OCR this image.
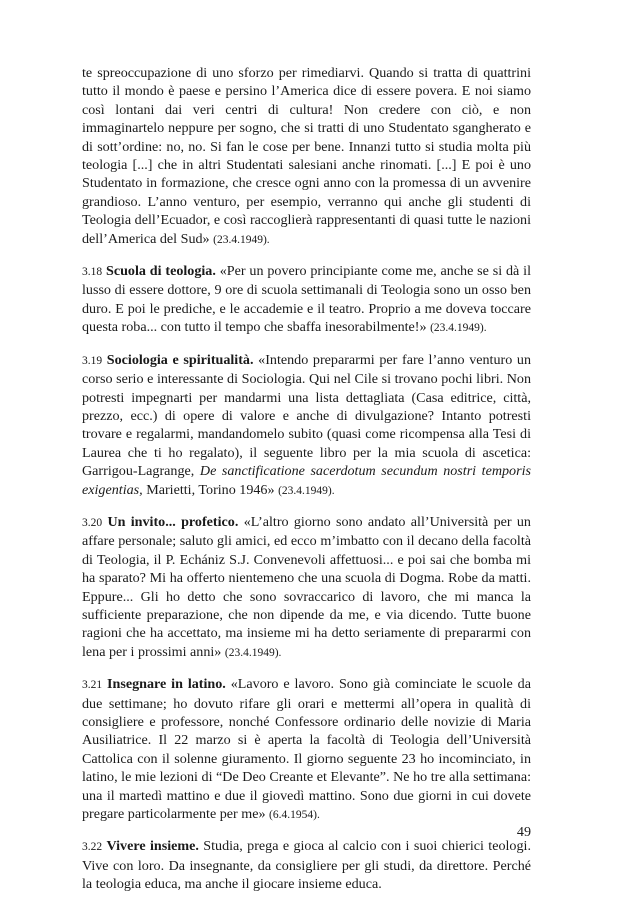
te spreoccupazione di uno sforzo per rimediarvi. Quando si tratta di quattrini tutto il mondo è paese e persino l’America dice di essere povera. E noi siamo così lontani dai veri centri di cultura! Non credere con ciò, e non immaginartelo neppure per sogno, che si tratti di uno Studentato sgangherato e di sott’ordine: no, no. Si fan le cose per bene. Innanzi tutto si studia molta più teologia [...] che in altri Studentati salesiani anche rinomati. [...] E poi è uno Studentato in formazione, che cresce ogni anno con la promessa di un avvenire grandioso. L’anno venturo, per esempio, verranno qui anche gli studenti di Teologia dell’Ecuador, e così raccoglierà rappresentanti di quasi tutte le nazioni dell’America del Sud» (23.4.1949).

3.18 Scuola di teologia. «Per un povero principiante come me, anche se si dà il lusso di essere dottore, 9 ore di scuola settimanali di Teologia sono un osso ben duro. E poi le prediche, e le accademie e il teatro. Proprio a me doveva toccare questa roba... con tutto il tempo che sbaffa inesorabilmente!» (23.4.1949).

3.19 Sociologia e spiritualità. «Intendo prepararmi per fare l’anno venturo un corso serio e interessante di Sociologia. Qui nel Cile si trovano pochi libri. Non potresti impegnarti per mandarmi una lista dettagliata (Casa editrice, città, prezzo, ecc.) di opere di valore e anche di divulgazione? Intanto potresti trovare e regalarmi, mandandomelo subito (quasi come ricompensa alla Tesi di Laurea che ti ho regalato), il seguente libro per la mia scuola di ascetica: Garrigou-Lagrange, De sanctificatione sacerdotum secundum nostri temporis exigentias, Marietti, Torino 1946» (23.4.1949).

3.20 Un invito... profetico. «L’altro giorno sono andato all’Università per un affare personale; saluto gli amici, ed ecco m’imbatto con il decano della facoltà di Teologia, il P. Echániz S.J. Convenevoli affettuosi... e poi sai che bomba mi ha sparato? Mi ha offerto nientemeno che una scuola di Dogma. Robe da matti. Eppure... Gli ho detto che sono sovraccarico di lavoro, che mi manca la sufficiente preparazione, che non dipende da me, e via dicendo. Tutte buone ragioni che ha accettato, ma insieme mi ha detto seriamente di prepararmi con lena per i prossimi anni» (23.4.1949).

3.21 Insegnare in latino. «Lavoro e lavoro. Sono già cominciate le scuole da due settimane; ho dovuto rifare gli orari e mettermi all’opera in qualità di consigliere e professore, nonché Confessore ordinario delle novizie di Maria Ausiliatrice. Il 22 marzo si è aperta la facoltà di Teologia dell’Università Cattolica con il solenne giuramento. Il giorno seguente 23 ho incominciato, in latino, le mie lezioni di “De Deo Creante et Elevante”. Ne ho tre alla settimana: una il martedì mattino e due il giovedì mattino. Sono due giorni in cui dovete pregare particolarmente per me» (6.4.1954).

3.22 Vivere insieme. Studia, prega e gioca al calcio con i suoi chierici teologi. Vive con loro. Da insegnante, da consigliere per gli studi, da direttore. Perché la teologia educa, ma anche il giocare insieme educa.

49
